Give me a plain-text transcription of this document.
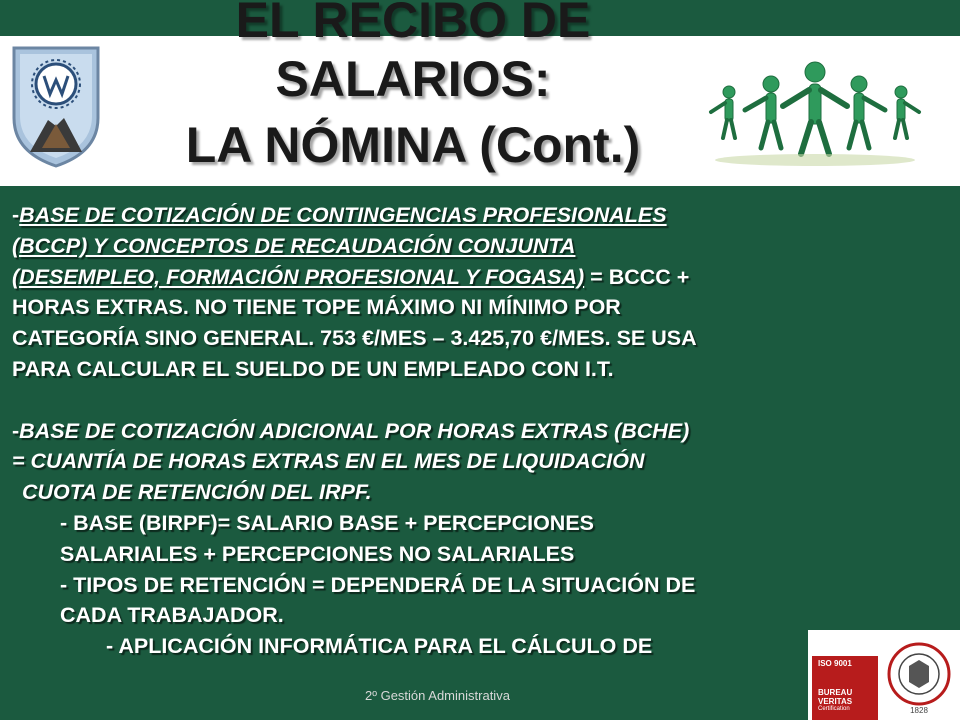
EL RECIBO DE
SALARIOS:
LA NÓMINA (Cont.)
-BASE DE COTIZACIÓN DE CONTINGENCIAS PROFESIONALES
(BCCP) Y CONCEPTOS DE RECAUDACIÓN CONJUNTA
(DESEMPLEO, FORMACIÓN PROFESIONAL Y FOGASA) = BCCC +
HORAS EXTRAS. NO TIENE TOPE MÁXIMO NI MÍNIMO POR
CATEGORÍA SINO GENERAL. 753 €/MES – 3.425,70 €/MES. SE USA
PARA CALCULAR EL SUELDO DE UN EMPLEADO CON I.T.
-BASE DE COTIZACIÓN ADICIONAL POR HORAS EXTRAS (BCHE)
= CUANTÍA DE HORAS EXTRAS EN EL MES DE LIQUIDACIÓN
CUOTA DE RETENCIÓN DEL IRPF.
- BASE (BIRPF)= SALARIO BASE + PERCEPCIONES
SALARIALES + PERCEPCIONES NO SALARIALES
- TIPOS DE RETENCIÓN = DEPENDERÁ DE LA SITUACIÓN DE
CADA TRABAJADOR.
- APLICACIÓN INFORMÁTICA PARA EL CÁLCULO DE
2º Gestión Administrativa
ISO 9001
BUREAU VERITAS
Certification	1828
